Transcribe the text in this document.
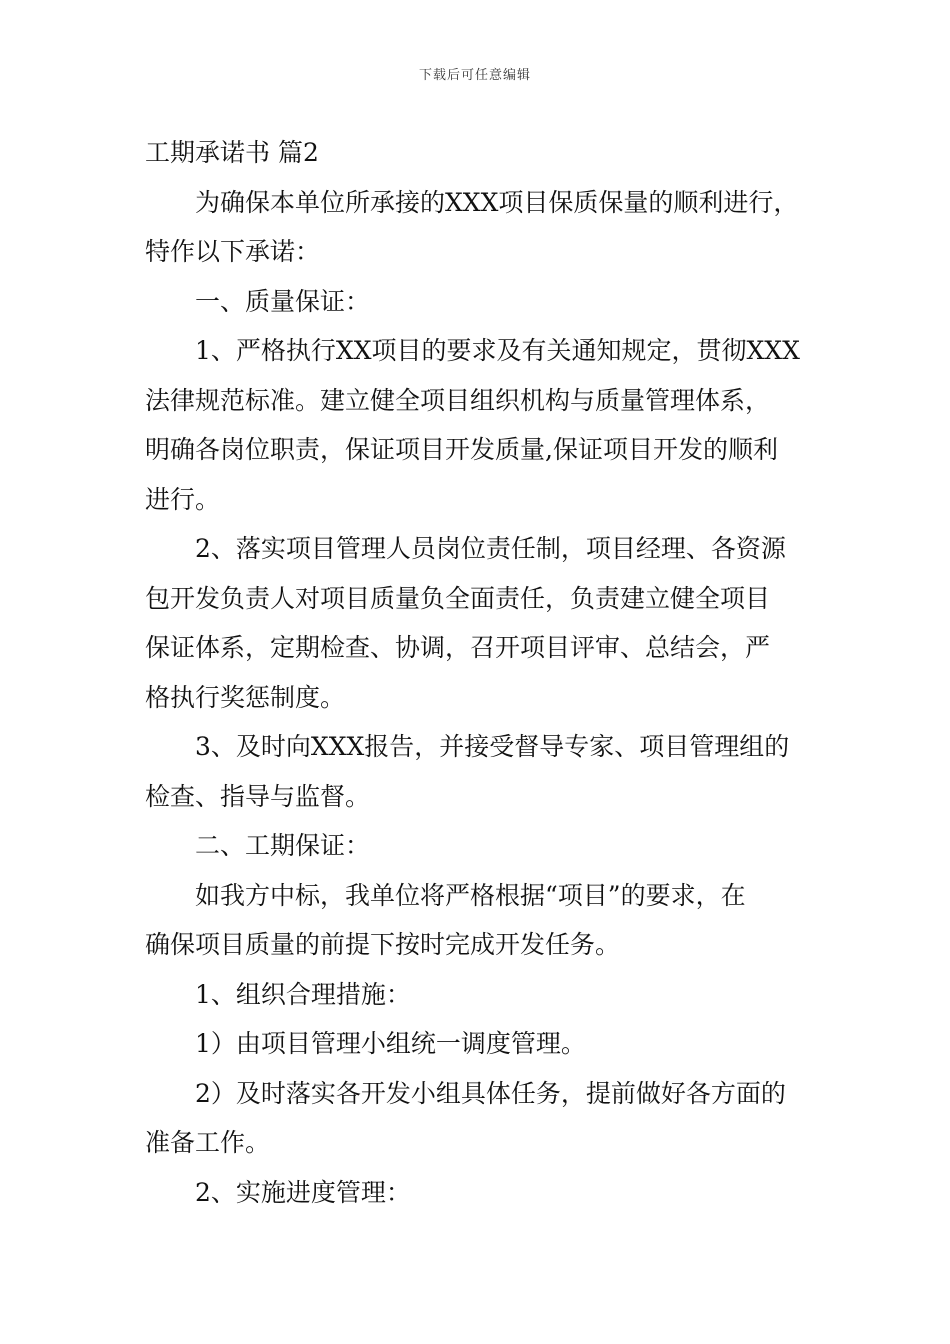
下载后可任意编辑
工期承诺书 篇2
为确保本单位所承接的XXX项目保质保量的顺利进行，
特作以下承诺：
一、质量保证：
1、严格执行XX项目的要求及有关通知规定，贯彻XXX
法律规范标准。建立健全项目组织机构与质量管理体系，
明确各岗位职责，保证项目开发质量,保证项目开发的顺利
进行。
2、落实项目管理人员岗位责任制，项目经理、各资源
包开发负责人对项目质量负全面责任，负责建立健全项目
保证体系，定期检查、协调，召开项目评审、总结会，严
格执行奖惩制度。
3、及时向XXX报告，并接受督导专家、项目管理组的
检查、指导与监督。
二、工期保证：
如我方中标，我单位将严格根据“项目”的要求，在
确保项目质量的前提下按时完成开发任务。
1、组织合理措施：
1）由项目管理小组统一调度管理。
2）及时落实各开发小组具体任务，提前做好各方面的
准备工作。
2、实施进度管理：
